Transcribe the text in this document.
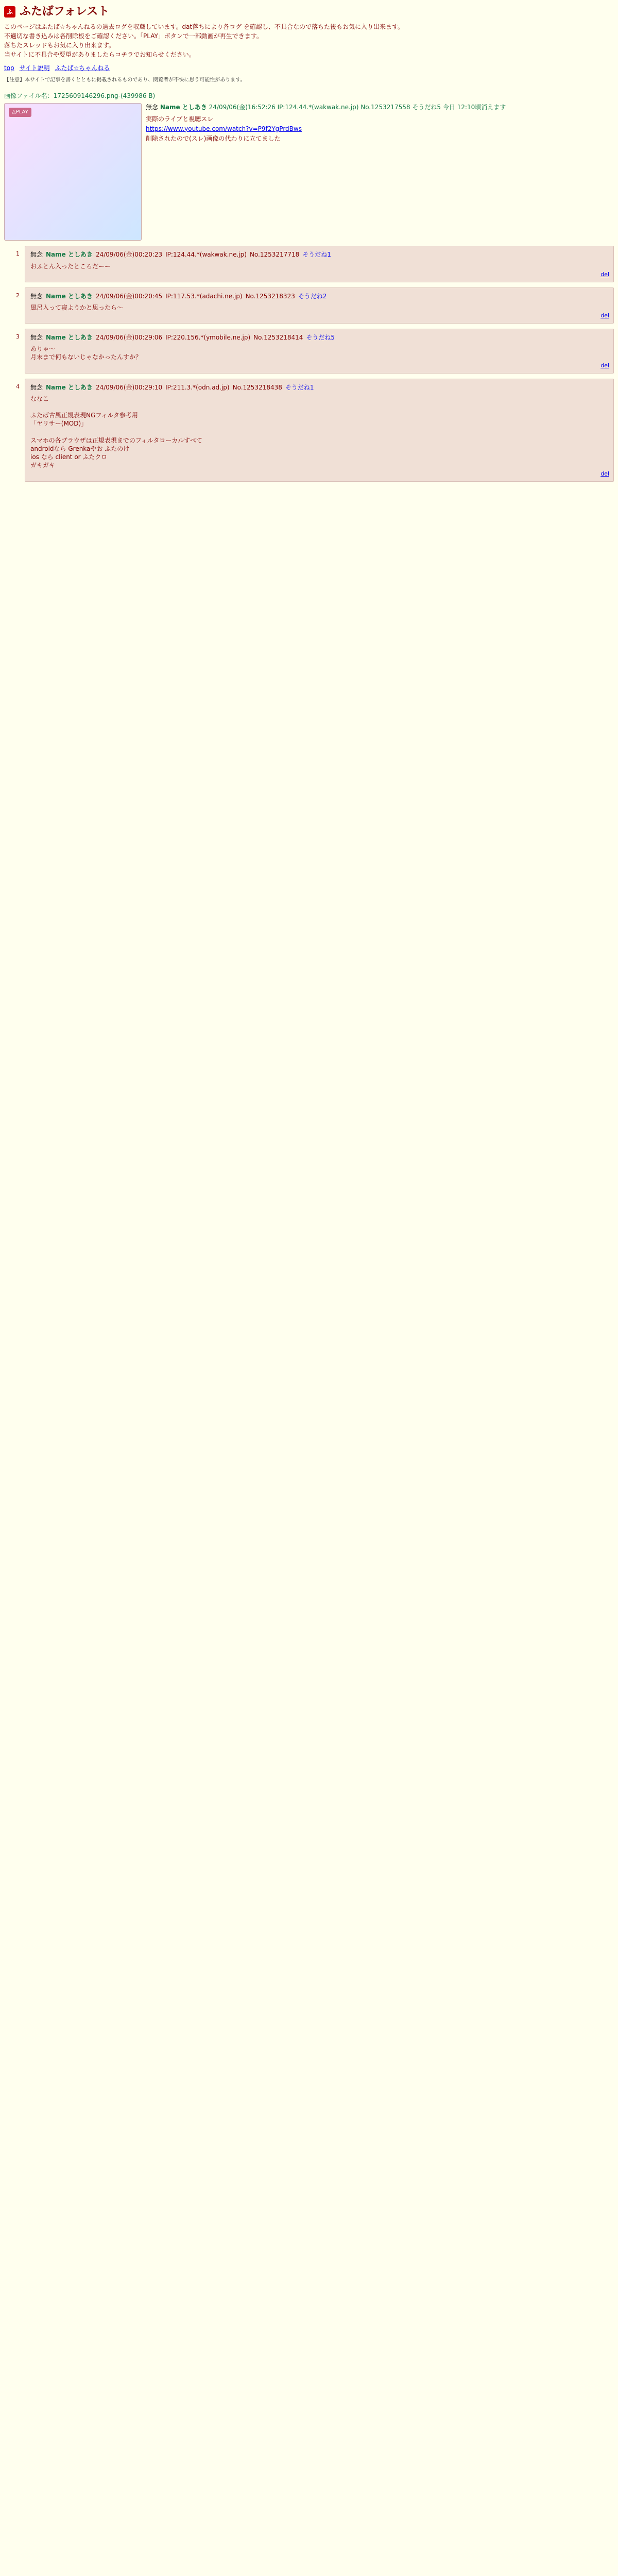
ふ ふたばフォレスト

このページはふたば☆ちゃんねるの過去ログを収蔵しています。dat落ちにより各ログ を確認し、不具合なので落ちた後もお気に入り出来ます。

不適切な書き込みは各削除板をご確認ください。「PLAY」ボタンで一部動画が再生できます。

落ちたスレッドもお気に入り出来ます。

当サイトに不具合や要望がありましたらコチラでお知らせください。

top サイト説明 ふたば☆ちゃんねる
【注意】本サイトで記事を書くとともに掲載されるものであり、閲覧者が不快に思う可能性があります。
画像ファイル名：1725609146296.png-(439986 B)
△PLAY
無念 Name としあき 24/09/06(金)16:52:26 IP:124.44.*(wakwak.ne.jp) No.1253217558 そうだね5 今日 12:10頃消えます

実際のライブと視聴スレ

https://www.youtube.com/watch?v=P9f2YgPrdBws

削除されたので(スレ)画像の代わりに立てました

1 無念 Name としあき 24/09/06(金)00:20:23 IP:124.44.*(wakwak.ne.jp) No.1253217718 そうだね1
おふとん入ったところだーー
del
2 無念 Name としあき 24/09/06(金)00:20:45 IP:117.53.*(adachi.ne.jp) No.1253218323 そうだね2
風呂入って寝ようかと思ったら～
del
3 無念 Name としあき 24/09/06(金)00:29:06 IP:220.156.*(ymobile.ne.jp) No.1253218414 そうだね5
ありゃ～
月末まで何もないじゃなかったんすか？
del
4 無念 Name としあき 24/09/06(金)00:29:10 IP:211.3.*(odn.ad.jp) No.1253218438 そうだね1
ななこ

ふたば古風正規表現NGフィルタ参考用
「ヤリサー(MOD)」

スマホの各ブラウザは正規表現までのフィルタローカルすべて
androidなら Grenkaやお ふたのけ
ios なら client or ふたクロ
ガキガキ
del
